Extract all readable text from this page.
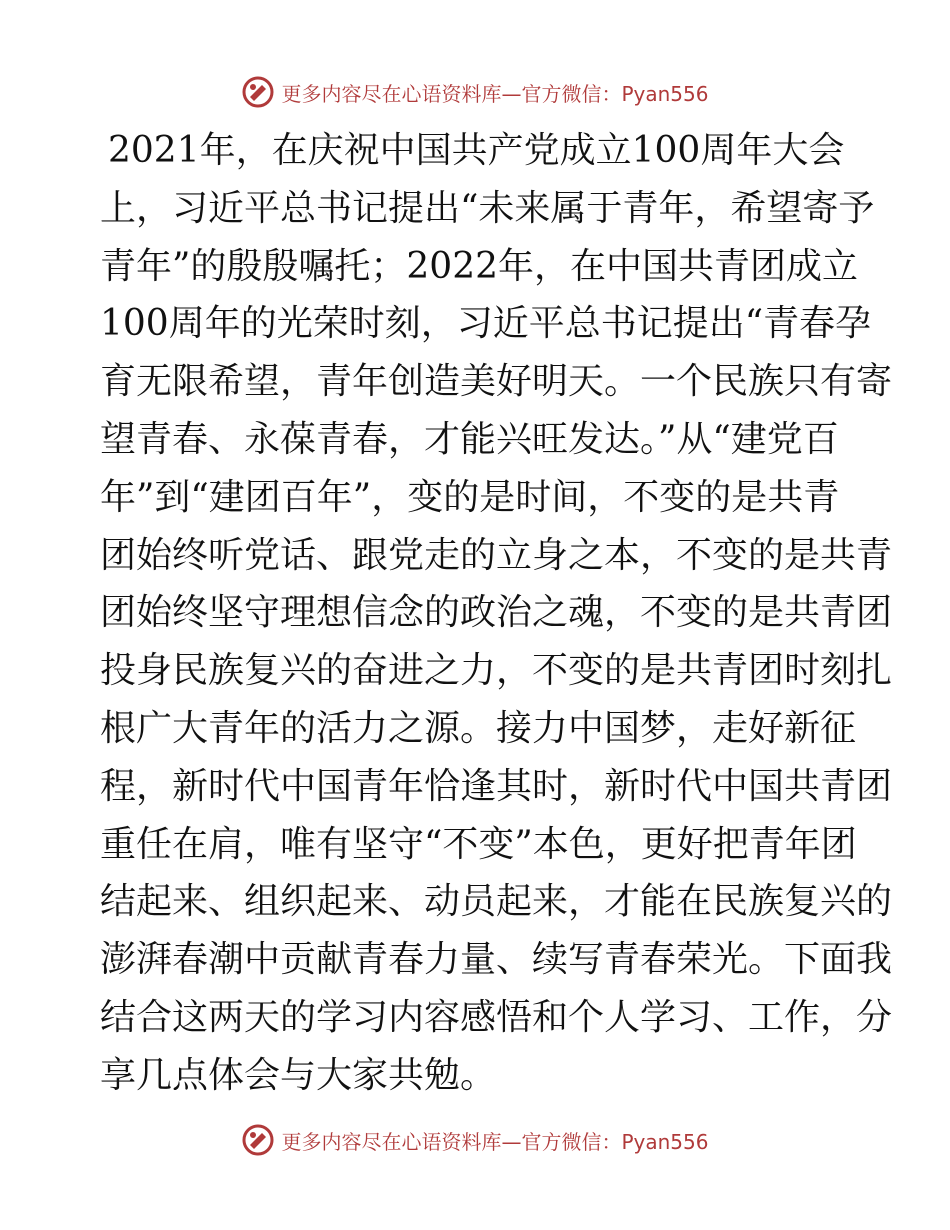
更多内容尽在心语资料库—官方微信：Pyan556
2021年，在庆祝中国共产党成立100周年大会
上，习近平总书记提出“未来属于青年，希望寄予
青年”的殷殷嘱托；2022年，在中国共青团成立
100周年的光荣时刻，习近平总书记提出“青春孕
育无限希望，青年创造美好明天。一个民族只有寄
望青春、永葆青春，才能兴旺发达。”从“建党百
年”到“建团百年”，变的是时间，不变的是共青
团始终听党话、跟党走的立身之本，不变的是共青
团始终坚守理想信念的政治之魂，不变的是共青团
投身民族复兴的奋进之力，不变的是共青团时刻扎
根广大青年的活力之源。接力中国梦，走好新征
程，新时代中国青年恰逢其时，新时代中国共青团
重任在肩，唯有坚守“不变”本色，更好把青年团
结起来、组织起来、动员起来，才能在民族复兴的
澎湃春潮中贡献青春力量、续写青春荣光。下面我
结合这两天的学习内容感悟和个人学习、工作，分
享几点体会与大家共勉。
更多内容尽在心语资料库—官方微信：Pyan556
